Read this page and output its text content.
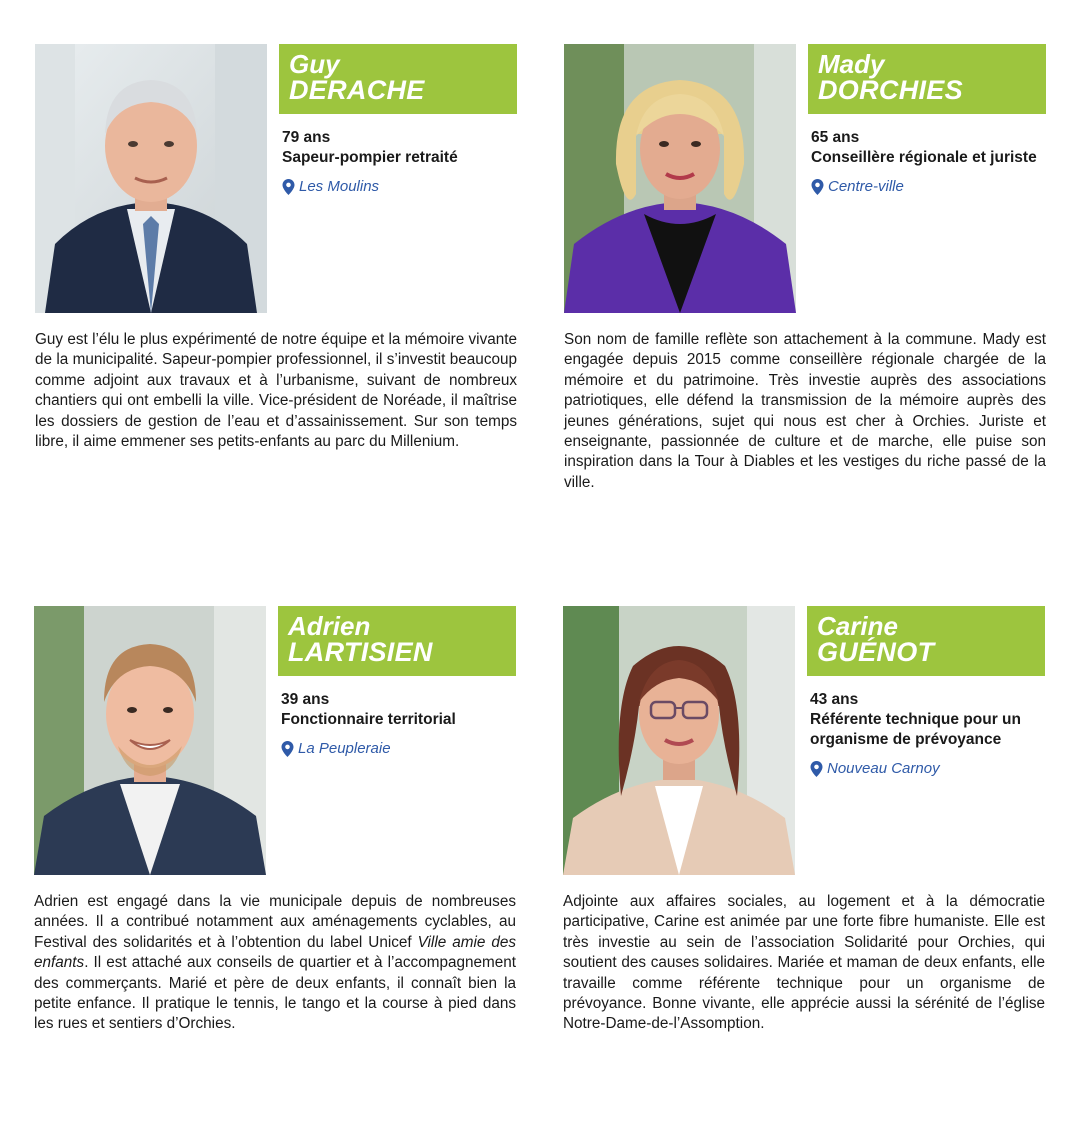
Guy
DERACHE
79 ans
Sapeur-pompier retraité
Les Moulins

Guy est l’élu le plus expérimenté de notre équipe et la mémoire vivante de la municipalité. Sapeur-pompier professionnel, il s’investit beaucoup comme adjoint aux travaux et à l’urbanisme, suivant de nombreux chantiers qui ont embelli la ville. Vice-président de Noréade, il maîtrise les dossiers de gestion de l’eau et d’assainissement. Sur son temps libre, il aime emmener ses petits-enfants au parc du Millenium.

Mady
DORCHIES
65 ans
Conseillère régionale et juriste
Centre-ville

Son nom de famille reflète son attachement à la commune. Mady est engagée depuis 2015 comme conseillère régionale chargée de la mémoire et du patrimoine. Très investie auprès des associations patriotiques, elle défend la transmission de la mémoire auprès des jeunes générations, sujet qui nous est cher à Orchies. Juriste et enseignante, passionnée de culture et de marche, elle puise son inspiration dans la Tour à Diables et les vestiges du riche passé de la ville.

Adrien
LARTISIEN
39 ans
Fonctionnaire territorial
La Peupleraie

Adrien est engagé dans la vie municipale depuis de nombreuses années. Il a contribué notamment aux aménagements cyclables, au Festival des solidarités et à l’obtention du label Unicef Ville amie des enfants. Il est attaché aux conseils de quartier et à l’accompagnement des commerçants. Marié et père de deux enfants, il connaît bien la petite enfance. Il pratique le tennis, le tango et la course à pied dans les rues et sentiers d’Orchies.

Carine
GUÉNOT
43 ans
Référente technique pour un organisme de prévoyance
Nouveau Carnoy

Adjointe aux affaires sociales, au logement et à la démocratie participative, Carine est animée par une forte fibre humaniste. Elle est très investie au sein de l’association Solidarité pour Orchies, qui soutient des causes solidaires. Mariée et maman de deux enfants, elle travaille comme référente technique pour un organisme de prévoyance. Bonne vivante, elle apprécie aussi la sérénité de l’église Notre-Dame-de-l’Assomption.
